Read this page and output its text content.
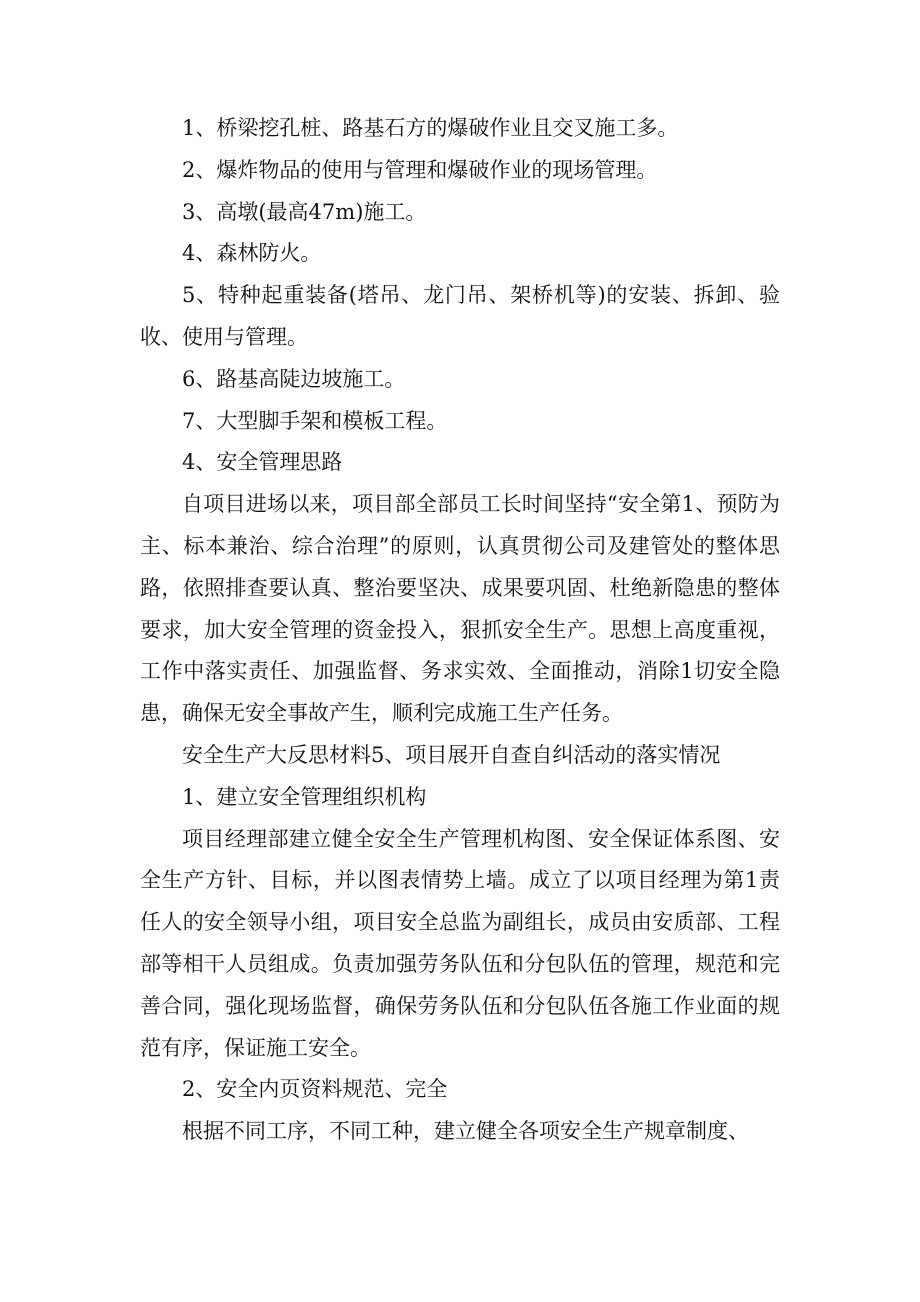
1、桥梁挖孔桩、路基石方的爆破作业且交叉施工多。

2、爆炸物品的使用与管理和爆破作业的现场管理。

3、高墩(最高47m)施工。

4、森林防火。

5、特种起重装备(塔吊、龙门吊、架桥机等)的安装、拆卸、验收、使用与管理。

6、路基高陡边坡施工。

7、大型脚手架和模板工程。

4、安全管理思路

自项目进场以来，项目部全部员工长时间坚持“安全第1、预防为主、标本兼治、综合治理”的原则，认真贯彻公司及建管处的整体思路，依照排查要认真、整治要坚决、成果要巩固、杜绝新隐患的整体要求，加大安全管理的资金投入，狠抓安全生产。思想上高度重视，工作中落实责任、加强监督、务求实效、全面推动，消除1切安全隐患，确保无安全事故产生，顺利完成施工生产任务。

安全生产大反思材料5、项目展开自查自纠活动的落实情况

1、建立安全管理组织机构

项目经理部建立健全安全生产管理机构图、安全保证体系图、安全生产方针、目标，并以图表情势上墙。成立了以项目经理为第1责任人的安全领导小组，项目安全总监为副组长，成员由安质部、工程部等相干人员组成。负责加强劳务队伍和分包队伍的管理，规范和完善合同，强化现场监督，确保劳务队伍和分包队伍各施工作业面的规范有序，保证施工安全。

2、安全内页资料规范、完全

根据不同工序，不同工种，建立健全各项安全生产规章制度、
